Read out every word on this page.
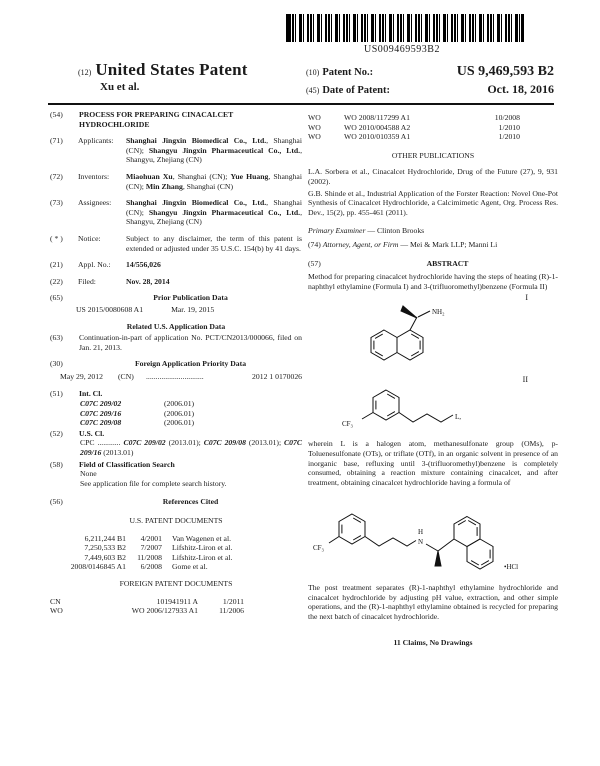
US009469593B2
(12) United States Patent
Xu et al.
(10) Patent No.:	US 9,469,593 B2
(45) Date of Patent:	Oct. 18, 2016
(54)	PROCESS FOR PREPARING CINACALCET HYDROCHLORIDE
(71)	Applicants:	Shanghai Jingxin Biomedical Co., Ltd., Shanghai (CN); Shangyu Jingxin Pharmaceutical Co., Ltd., Shangyu, Zhejiang (CN)
(72)	Inventors:	Miaohuan Xu, Shanghai (CN); Yue Huang, Shanghai (CN); Min Zhang, Shanghai (CN)
(73)	Assignees:	Shanghai Jingxin Biomedical Co., Ltd., Shanghai (CN); Shangyu Jingxin Pharmaceutical Co., Ltd., Shangyu, Zhejiang (CN)
( * )	Notice:	Subject to any disclaimer, the term of this patent is extended or adjusted under 35 U.S.C. 154(b) by 41 days.
(21)	Appl. No.:	14/556,026
(22)	Filed:	Nov. 28, 2014
(65)	Prior Publication Data
US 2015/0080608 A1	Mar. 19, 2015
Related U.S. Application Data
(63)	Continuation-in-part of application No. PCT/CN2013/000066, filed on Jan. 21, 2013.
(30)	Foreign Application Priority Data
May 29, 2012	(CN)	..............................	2012 1 0170026
(51)	Int. Cl.
C07C 209/02	(2006.01)
C07C 209/16	(2006.01)
C07C 209/08	(2006.01)
(52)	U.S. Cl.
CPC ............ C07C 209/02 (2013.01); C07C 209/08 (2013.01); C07C 209/16 (2013.01)
(58)	Field of Classification Search
None
See application file for complete search history.
(56)	References Cited
U.S. PATENT DOCUMENTS
6,211,244 B1	4/2001	Van Wagenen et al.
7,250,533 B2	7/2007	Lifshitz-Liron et al.
7,449,603 B2	11/2008	Lifshitz-Liron et al.
2008/0146845 A1	6/2008	Gome et al.
FOREIGN PATENT DOCUMENTS
CN	101941911 A	1/2011
WO	WO 2006/127933 A1	11/2006
WO	WO 2008/117299 A1	10/2008
WO	WO 2010/004588 A2	1/2010
WO	WO 2010/010359 A1	1/2010
OTHER PUBLICATIONS
L.A. Sorbera et al., Cinacalcet Hydrochloride, Drug of the Future (27), 9, 931 (2002).
G.B. Shinde et al., Industrial Application of the Forster Reaction: Novel One-Pot Synthesis of Cinacalcet Hydrochloride, a Calcimimetic Agent, Org. Process Res. Dev., 15(2), pp. 455-461 (2011).
Primary Examiner — Clinton Brooks
(74) Attorney, Agent, or Firm — Mei & Mark LLP; Manni Li
(57)	ABSTRACT
Method for preparing cinacalcet hydrochloride having the steps of heating (R)-1-naphthyl ethylamine (Formula I) and 3-(trifluoromethyl)benzene (Formula II)
I
NH₂
II
CF₃
L,
wherein L is a halogen atom, methanesulfonate group (OMs), p-Toluenesulfonate (OTs), or triflate (OTf), in an organic solvent in presence of an inorganic base, refluxing until 3-(trifluoromethyl)benzene is completely consumed, obtaining a reaction mixture containing cinacalcet, and after treatment, obtaining cinacalcet hydrochloride having a formula of
CF₃
N
H
•HCl
The post treatment separates (R)-1-naphthyl ethylamine hydrochloride and cinacalcet hydrochloride by adjusting pH value, extraction, and other simple operations, and the (R)-1-naphthyl ethylamine obtained is recycled for preparing the next batch of cinacalcet hydrochloride.
11 Claims, No Drawings
